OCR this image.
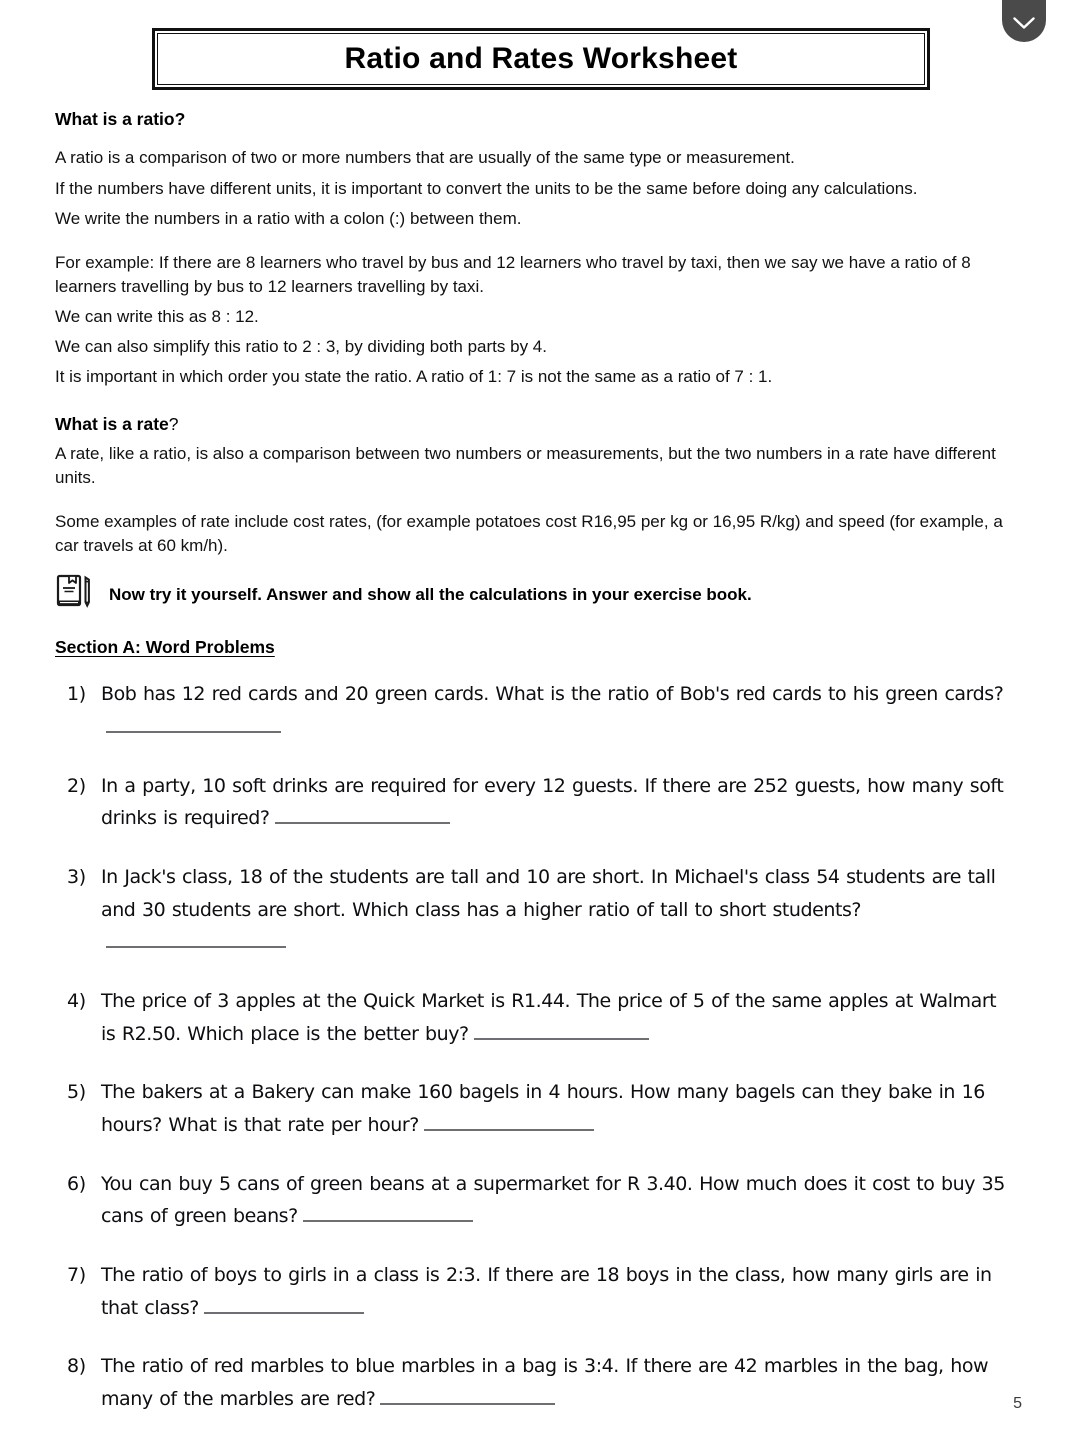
Ratio and Rates Worksheet
What is a ratio?

A ratio is a comparison of two or more numbers that are usually of the same type or measurement.

If the numbers have different units, it is important to convert the units to be the same before doing any calculations.

We write the numbers in a ratio with a colon (:) between them.

For example: If there are 8 learners who travel by bus and 12 learners who travel by taxi, then we say we have a ratio of 8 learners travelling by bus to 12 learners travelling by taxi.

We can write this as 8 : 12.

We can also simplify this ratio to 2 : 3, by dividing both parts by 4.

It is important in which order you state the ratio. A ratio of 1: 7 is not the same as a ratio of 7 : 1.

What is a rate?

A rate, like a ratio, is also a comparison between two numbers or measurements, but the two numbers in a rate have different units.

Some examples of rate include cost rates, (for example potatoes cost R16,95 per kg or 16,95 R/kg) and speed (for example, a car travels at 60 km/h).

Now try it yourself. Answer and show all the calculations in your exercise book.
Section A: Word Problems
1) Bob has 12 red cards and 20 green cards. What is the ratio of Bob's red cards to his green cards?
2) In a party, 10 soft drinks are required for every 12 guests. If there are 252 guests, how many soft drinks is required?
3) In Jack's class, 18 of the students are tall and 10 are short. In Michael's class 54 students are tall and 30 students are short. Which class has a higher ratio of tall to short students?
4) The price of 3 apples at the Quick Market is R1.44. The price of 5 of the same apples at Walmart is R2.50. Which place is the better buy?
5) The bakers at a Bakery can make 160 bagels in 4 hours. How many bagels can they bake in 16 hours? What is that rate per hour?
6) You can buy 5 cans of green beans at a supermarket for R 3.40. How much does it cost to buy 35 cans of green beans?
7) The ratio of boys to girls in a class is 2:3. If there are 18 boys in the class, how many girls are in that class?
8) The ratio of red marbles to blue marbles in a bag is 3:4. If there are 42 marbles in the bag, how many of the marbles are red?	5
